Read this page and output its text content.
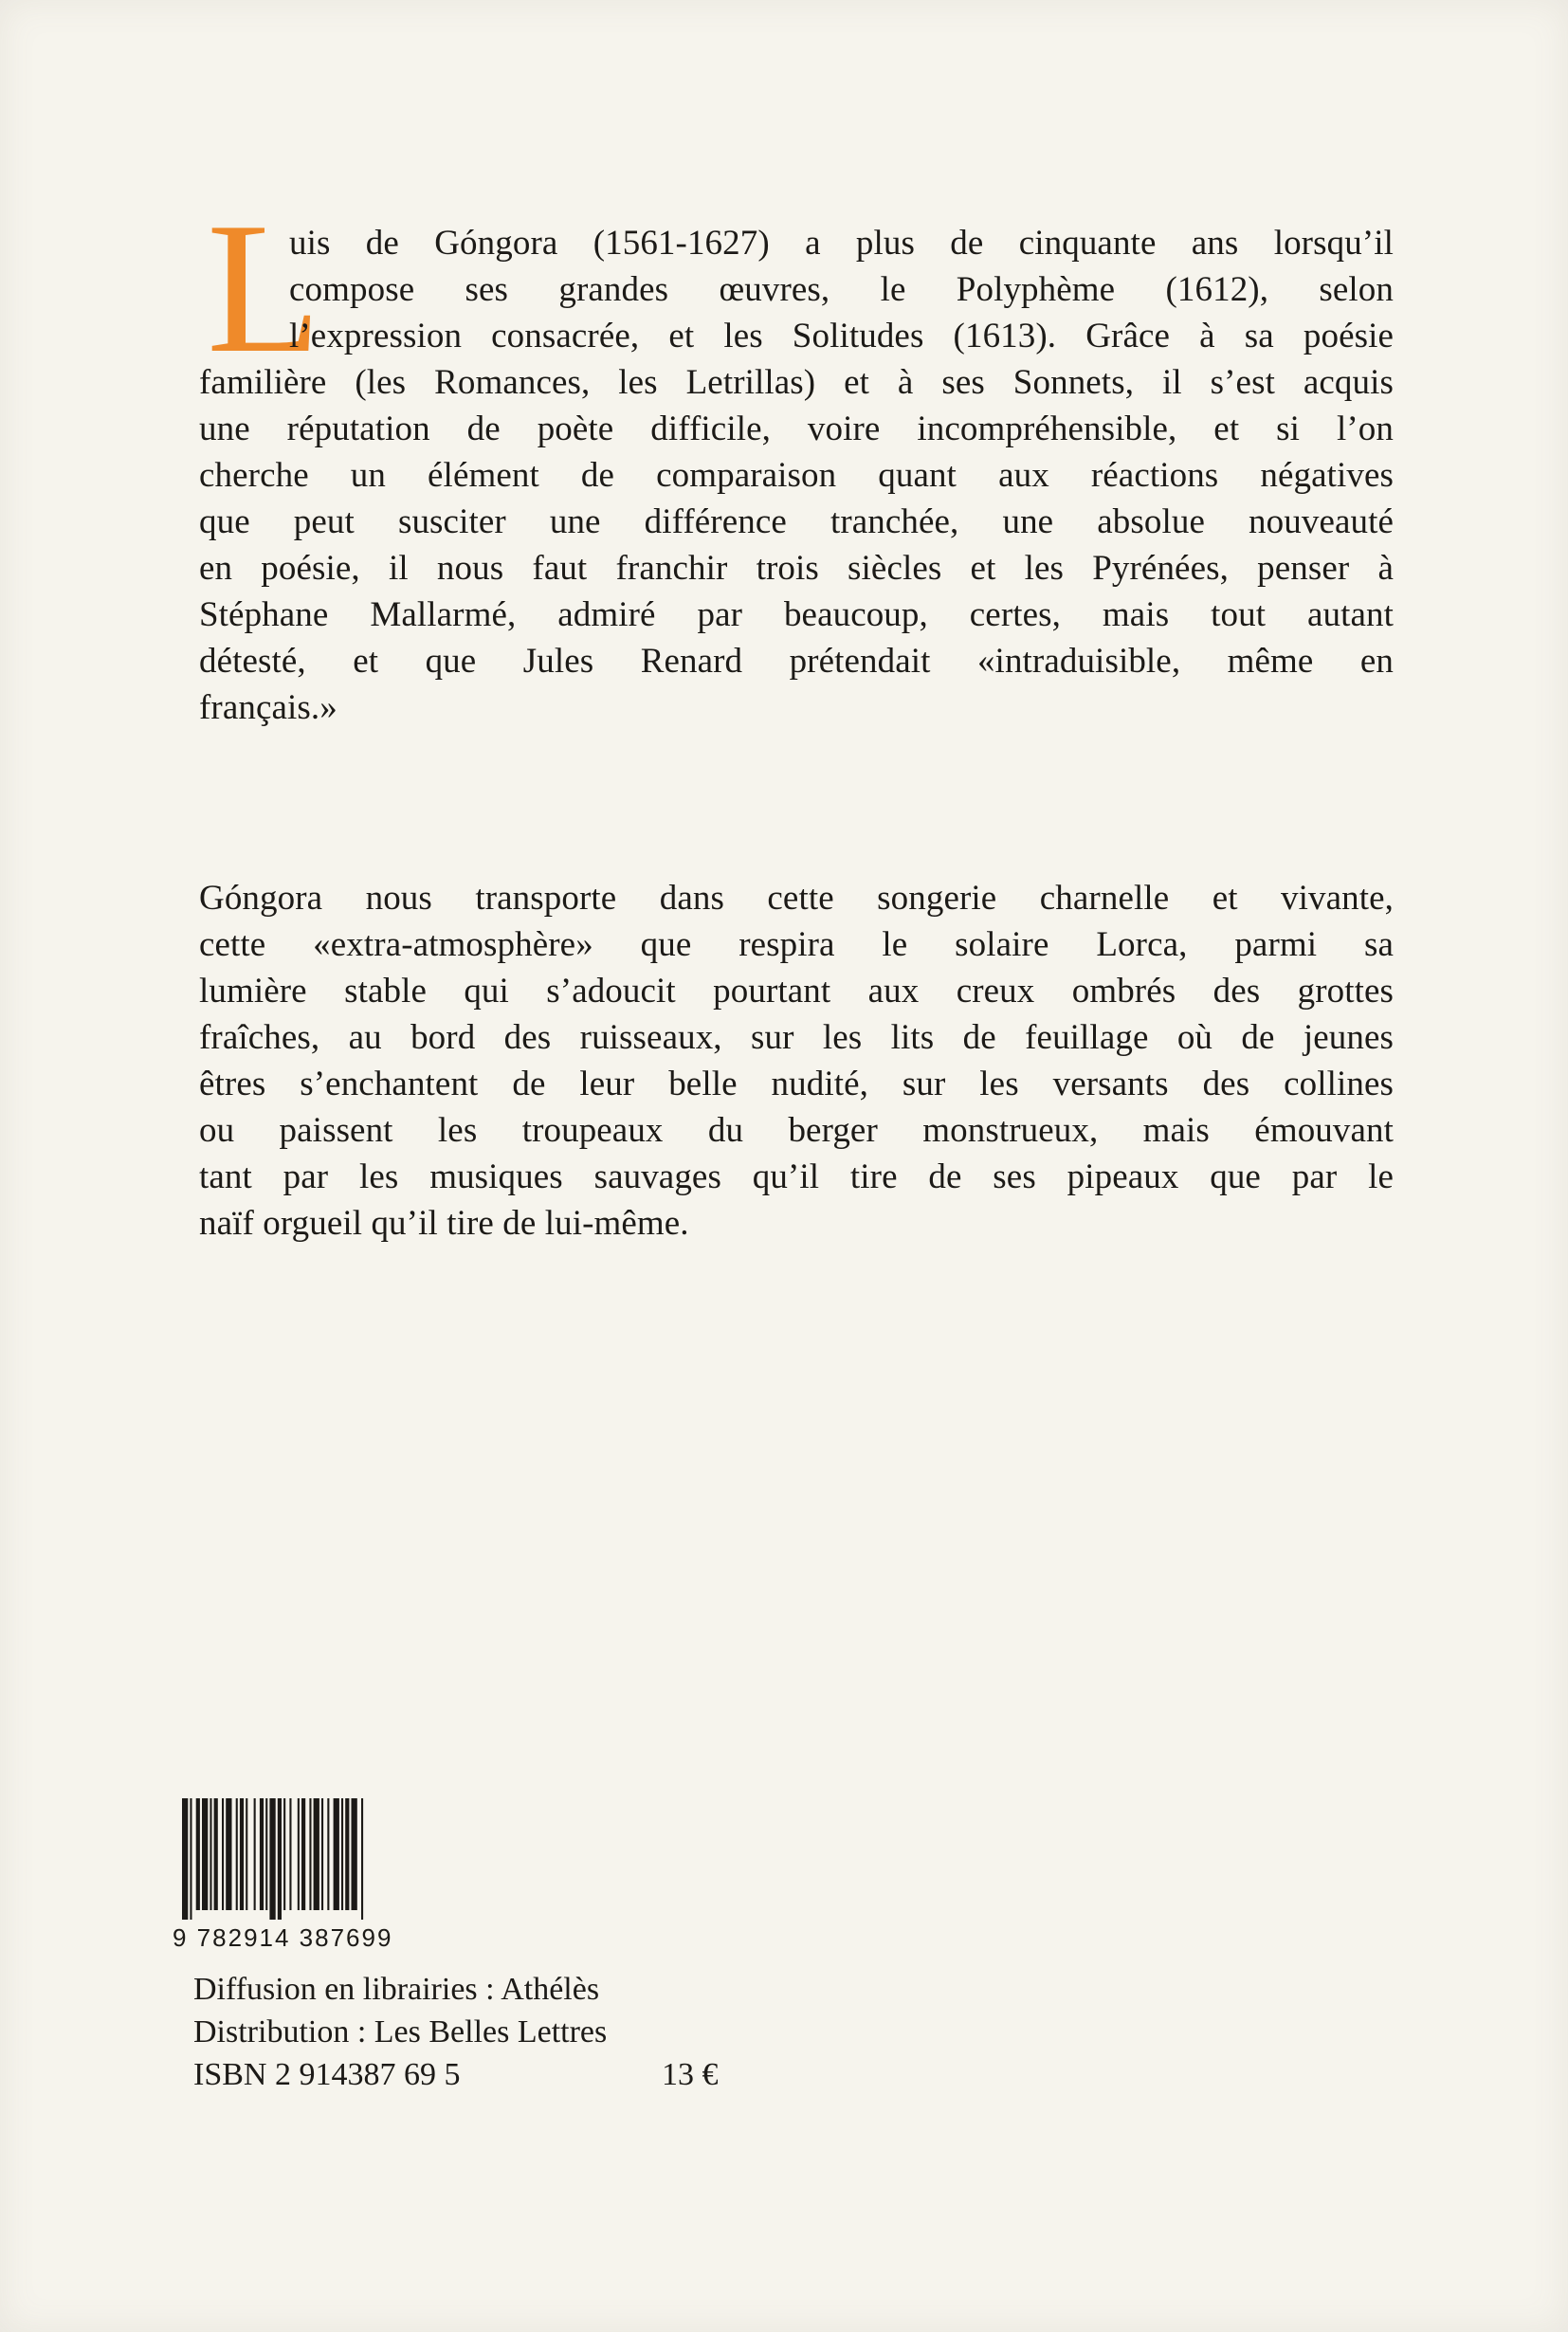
L
uis de Góngora (1561-1627) a plus de cinquante ans lorsqu’il
compose ses grandes œuvres, le Polyphème (1612), selon
l’expression consacrée, et les Solitudes (1613). Grâce à sa poésie
familière (les Romances, les Letrillas) et à ses Sonnets, il s’est acquis
une réputation de poète difficile, voire incompréhensible, et si l’on
cherche un élément de comparaison quant aux réactions négatives
que peut susciter une différence tranchée, une absolue nouveauté
en poésie, il nous faut franchir trois siècles et les Pyrénées, penser à
Stéphane Mallarmé, admiré par beaucoup, certes, mais tout autant
détesté, et que Jules Renard prétendait «intraduisible, même en
français.»
Góngora nous transporte dans cette songerie charnelle et vivante,
cette «extra-atmosphère» que respira le solaire Lorca, parmi sa
lumière stable qui s’adoucit pourtant aux creux ombrés des grottes
fraîches, au bord des ruisseaux, sur les lits de feuillage où de jeunes
êtres s’enchantent de leur belle nudité, sur les versants des collines
ou paissent les troupeaux du berger monstrueux, mais émouvant
tant par les musiques sauvages qu’il tire de ses pipeaux que par le
naïf orgueil qu’il tire de lui-même.
9 782914 387699
Diffusion en librairies : Athélès
Distribution : Les Belles Lettres
ISBN 2 914387 69 5	13 €
